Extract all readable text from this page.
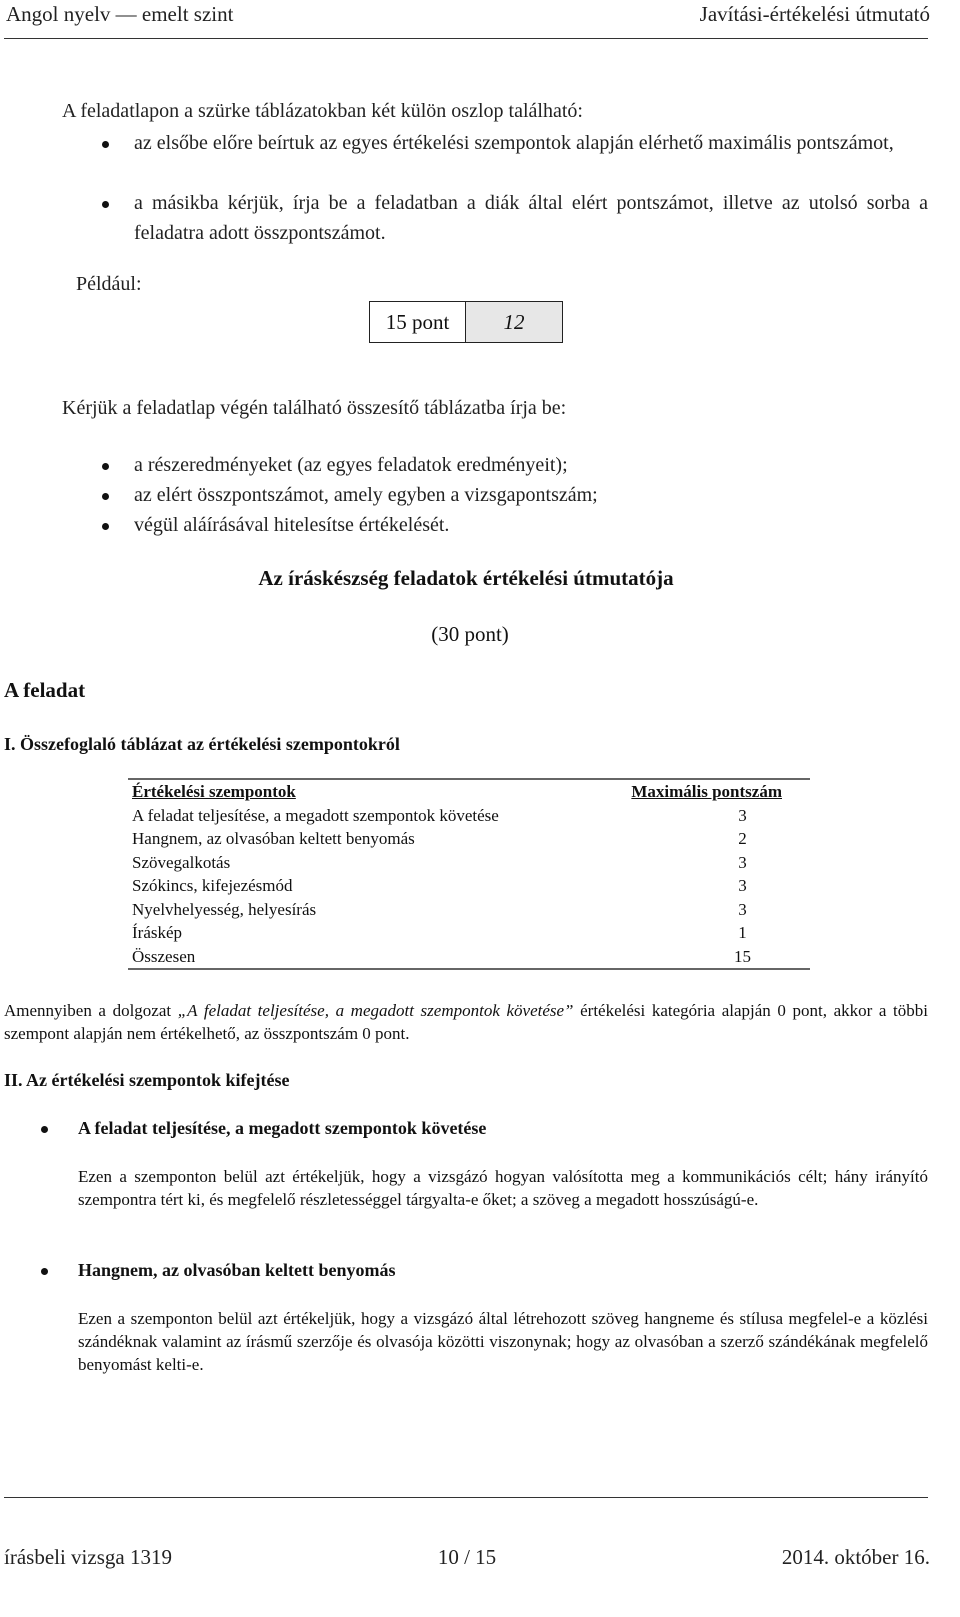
Angol nyelv — emelt szint	Javítási-értékelési útmutató
A feladatlapon a szürke táblázatokban két külön oszlop található:
az elsőbe előre beírtuk az egyes értékelési szempontok alapján elérhető maximális pontszámot,
a másikba kérjük, írja be a feladatban a diák által elért pontszámot, illetve az utolsó sorba a feladatra adott összpontszámot.
Például:
15 pont	12
Kérjük a feladatlap végén található összesítő táblázatba írja be:
a részeredményeket (az egyes feladatok eredményeit);
az elért összpontszámot, amely egyben a vizsgapontszám;
végül aláírásával hitelesítse értékelését.
Az íráskészség feladatok értékelési útmutatója
(30 pont)
A feladat
I. Összefoglaló táblázat az értékelési szempontokról
Értékelési szempontok	Maximális pontszám
A feladat teljesítése, a megadott szempontok követése	3
Hangnem, az olvasóban keltett benyomás	2
Szövegalkotás	3
Szókincs, kifejezésmód	3
Nyelvhelyesség, helyesírás	3
Íráskép	1
Összesen	15
Amennyiben a dolgozat „A feladat teljesítése, a megadott szempontok követése” értékelési kategória alapján 0 pont, akkor a többi szempont alapján nem értékelhető, az összpontszám 0 pont.
II. Az értékelési szempontok kifejtése
A feladat teljesítése, a megadott szempontok követése
Ezen a szemponton belül azt értékeljük, hogy a vizsgázó hogyan valósította meg a kommunikációs célt; hány irányító szempontra tért ki, és megfelelő részletességgel tárgyalta-e őket; a szöveg a megadott hosszúságú-e.
Hangnem, az olvasóban keltett benyomás
Ezen a szemponton belül azt értékeljük, hogy a vizsgázó által létrehozott szöveg hangneme és stílusa megfelel-e a közlési szándéknak valamint az írásmű szerzője és olvasója közötti viszonynak; hogy az olvasóban a szerző szándékának megfelelő benyomást kelti-e.
írásbeli vizsga 1319	10 / 15	2014. október 16.
